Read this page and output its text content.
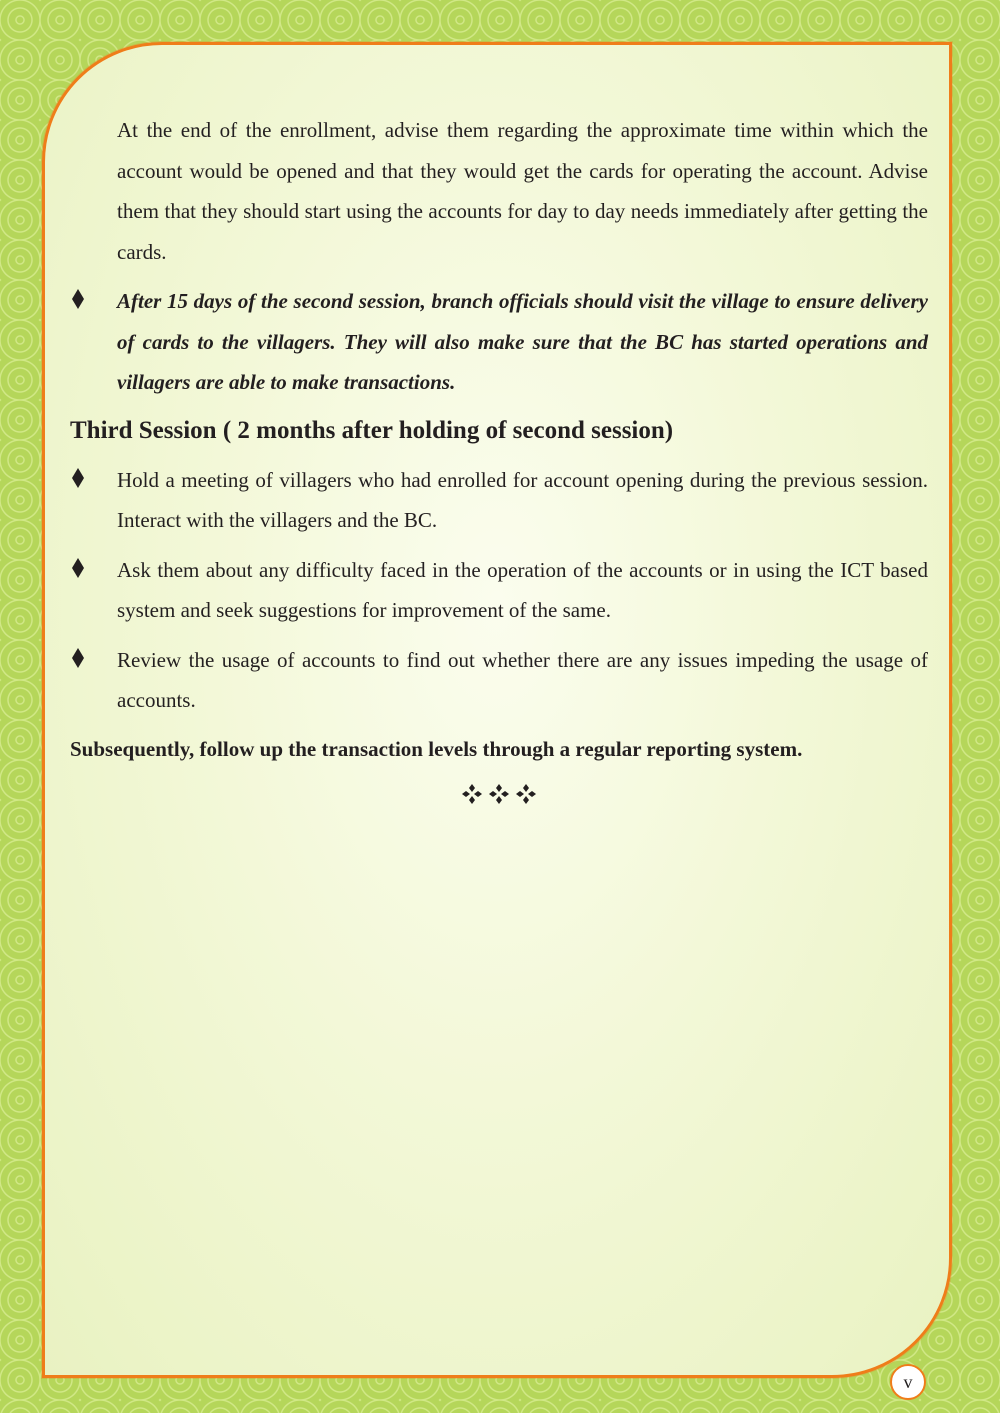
At the end of the enrollment, advise them regarding the approximate time within which the account would be opened and that they would get the cards for operating the account. Advise them that they should start using the accounts for day to day needs immediately after getting the cards.

After 15 days of the second session, branch officials should visit the village to ensure delivery of cards to the villagers. They will also make sure that the BC has started operations and villagers are able to make transactions.

Third Session ( 2 months after holding of second session)

Hold a meeting of villagers who had enrolled for account opening during the previous session. Interact with the villagers and the BC.

Ask them about any difficulty faced in the operation of the accounts or in using the ICT based system and seek suggestions for improvement of the same.

Review the usage of accounts to find out whether there are any issues impeding the usage of accounts.

Subsequently, follow up the transaction levels through a regular reporting system.

v
